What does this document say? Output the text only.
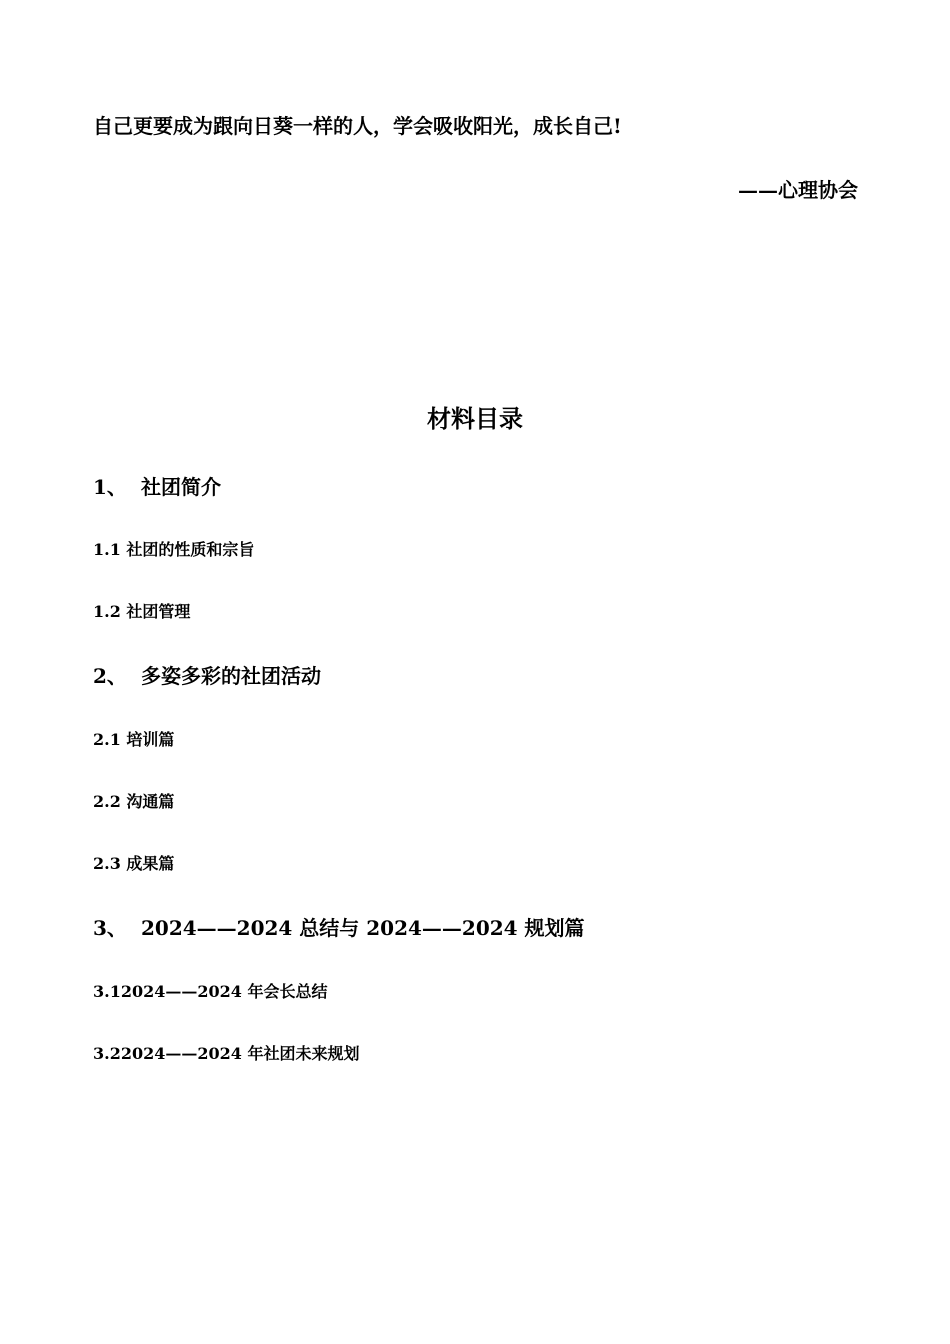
自己更要成为跟向日葵一样的人，学会吸收阳光，成长自己!
——心理协会
材料目录
1、 社团简介
1.1 社团的性质和宗旨
1.2 社团管理
2、 多姿多彩的社团活动
2.1 培训篇
2.2 沟通篇
2.3 成果篇
3、 2024——2024 总结与 2024——2024 规划篇
3.12024——2024 年会长总结
3.22024——2024 年社团未来规划
